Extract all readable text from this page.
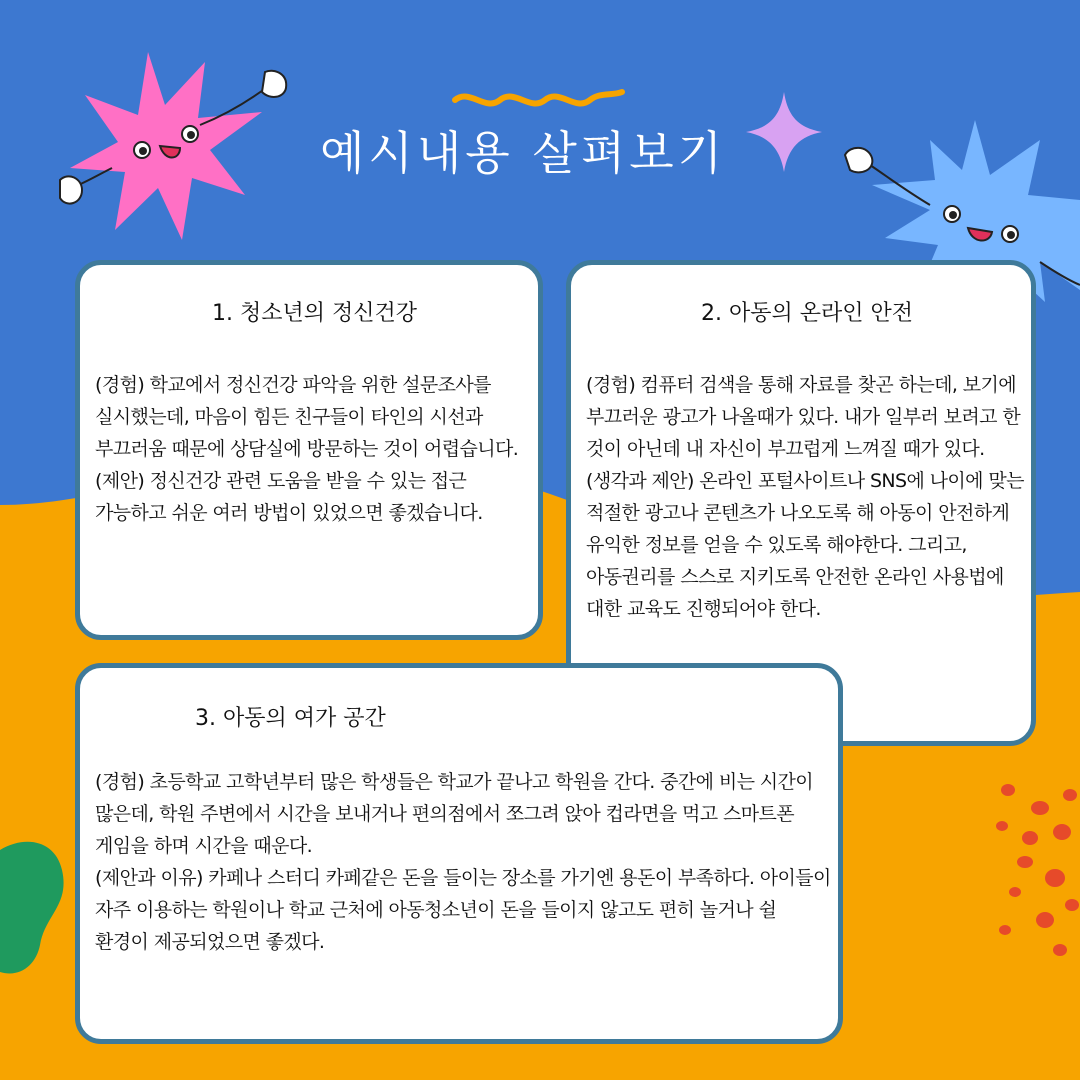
예시내용 살펴보기
1. 청소년의 정신건강

(경험) 학교에서 정신건강 파악을 위한 설문조사를 실시했는데, 마음이 힘든 친구들이 타인의 시선과 부끄러움 때문에 상담실에 방문하는 것이 어렵습니다.

(제안) 정신건강 관련 도움을 받을 수 있는 접근 가능하고 쉬운 여러 방법이 있었으면 좋겠습니다.

2. 아동의 온라인 안전

(경험) 컴퓨터 검색을 통해 자료를 찾곤 하는데, 보기에 부끄러운 광고가 나올때가 있다. 내가 일부러 보려고 한 것이 아닌데 내 자신이 부끄럽게 느껴질 때가 있다.

(생각과 제안) 온라인 포털사이트나 SNS에 나이에 맞는 적절한 광고나 콘텐츠가 나오도록 해 아동이 안전하게 유익한 정보를 얻을 수 있도록 해야한다. 그리고, 아동권리를 스스로 지키도록 안전한 온라인 사용법에 대한 교육도 진행되어야 한다.

3. 아동의 여가 공간

(경험) 초등학교 고학년부터 많은 학생들은 학교가 끝나고 학원을 간다. 중간에 비는 시간이 많은데, 학원 주변에서 시간을 보내거나 편의점에서 쪼그려 앉아 컵라면을 먹고 스마트폰 게임을 하며 시간을 때운다.

(제안과 이유) 카페나 스터디 카페같은 돈을 들이는 장소를 가기엔 용돈이 부족하다. 아이들이 자주 이용하는 학원이나 학교 근처에 아동청소년이 돈을 들이지 않고도 편히 놀거나 쉴 환경이 제공되었으면 좋겠다.
